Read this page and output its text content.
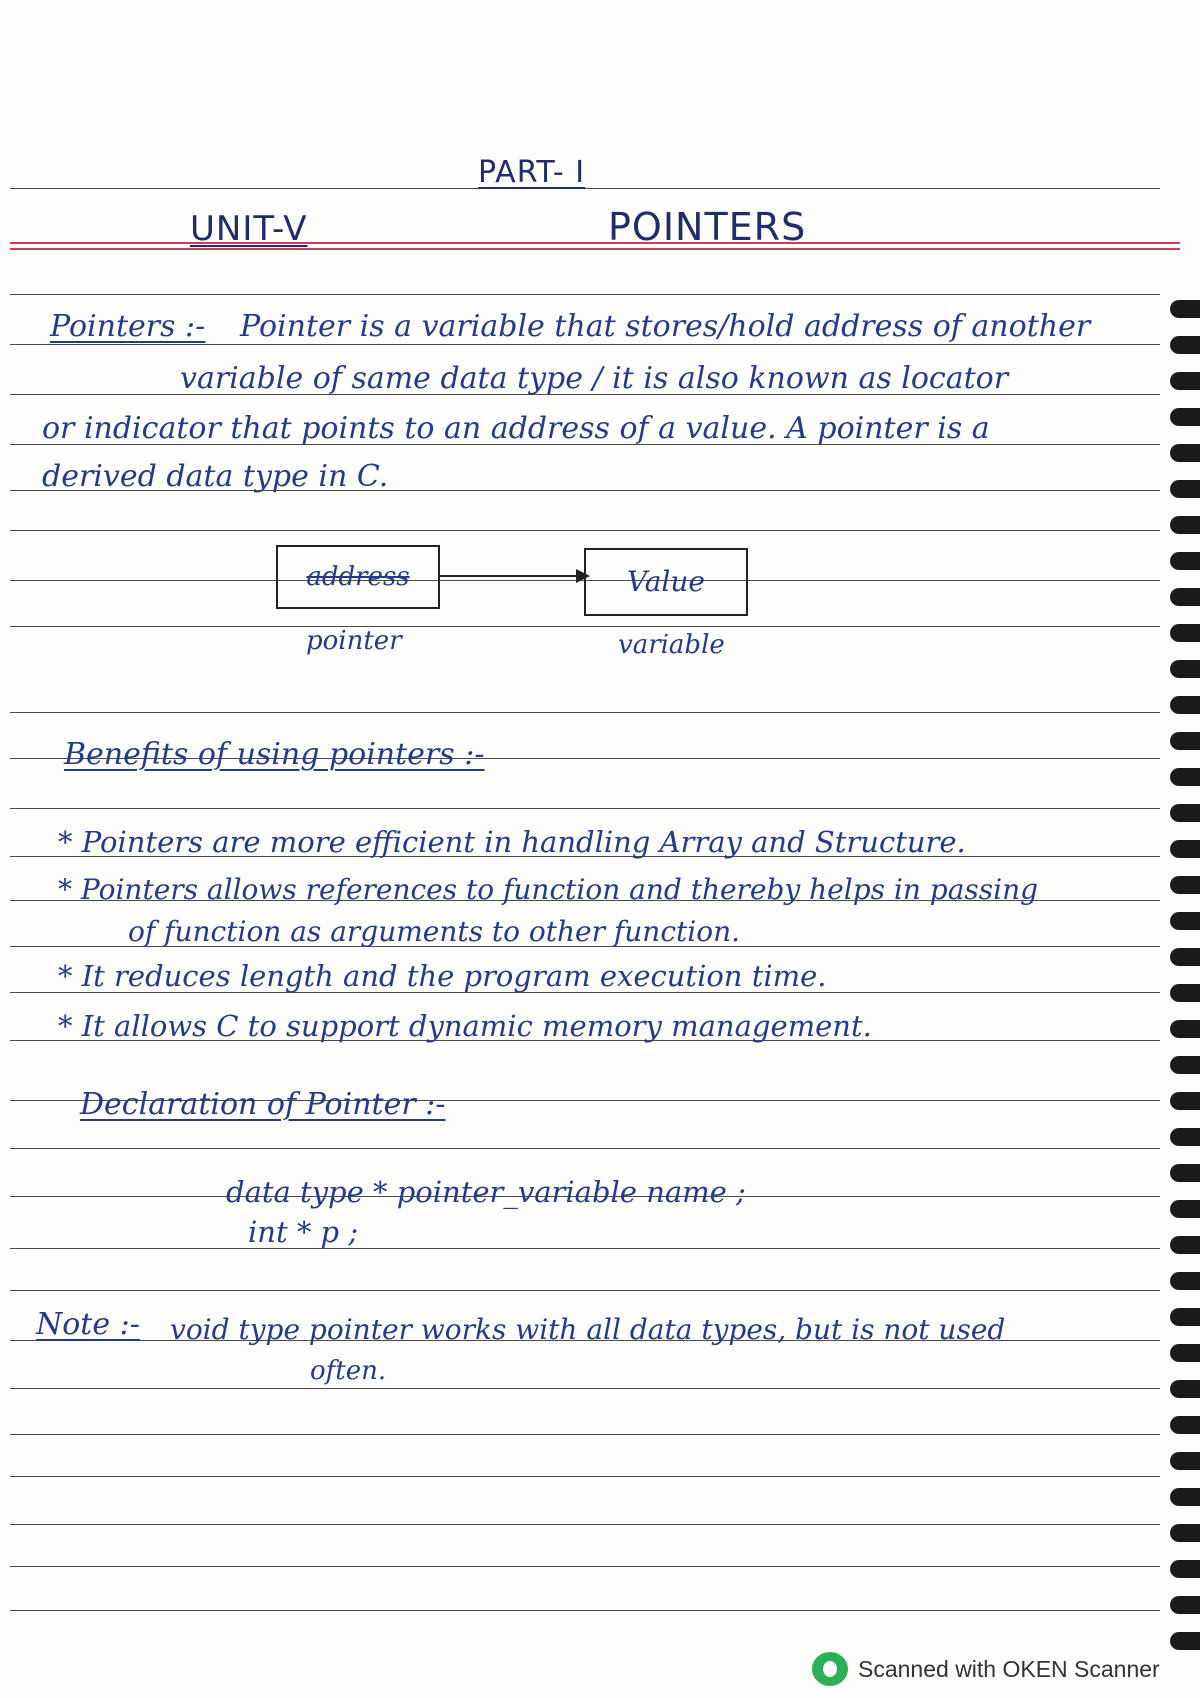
PART- I
UNIT-V	POINTERS
Pointers :- Pointer is a variable that stores/hold address of another
variable of same data type / it is also known as locator
or indicator that points to an address of a value. A pointer is a
derived data type in C.
address	Value
pointer	variable
Benefits of using pointers :-
* Pointers are more efficient in handling Array and Structure.
* Pointers allows references to function and thereby helps in passing
of function as arguments to other function.
* It reduces length and the program execution time.
* It allows C to support dynamic memory management.
Declaration of Pointer :-
data type * pointer_variable name ;
int * p ;
Note :- void type pointer works with all data types, but is not used
often.
Scanned with OKEN Scanner
